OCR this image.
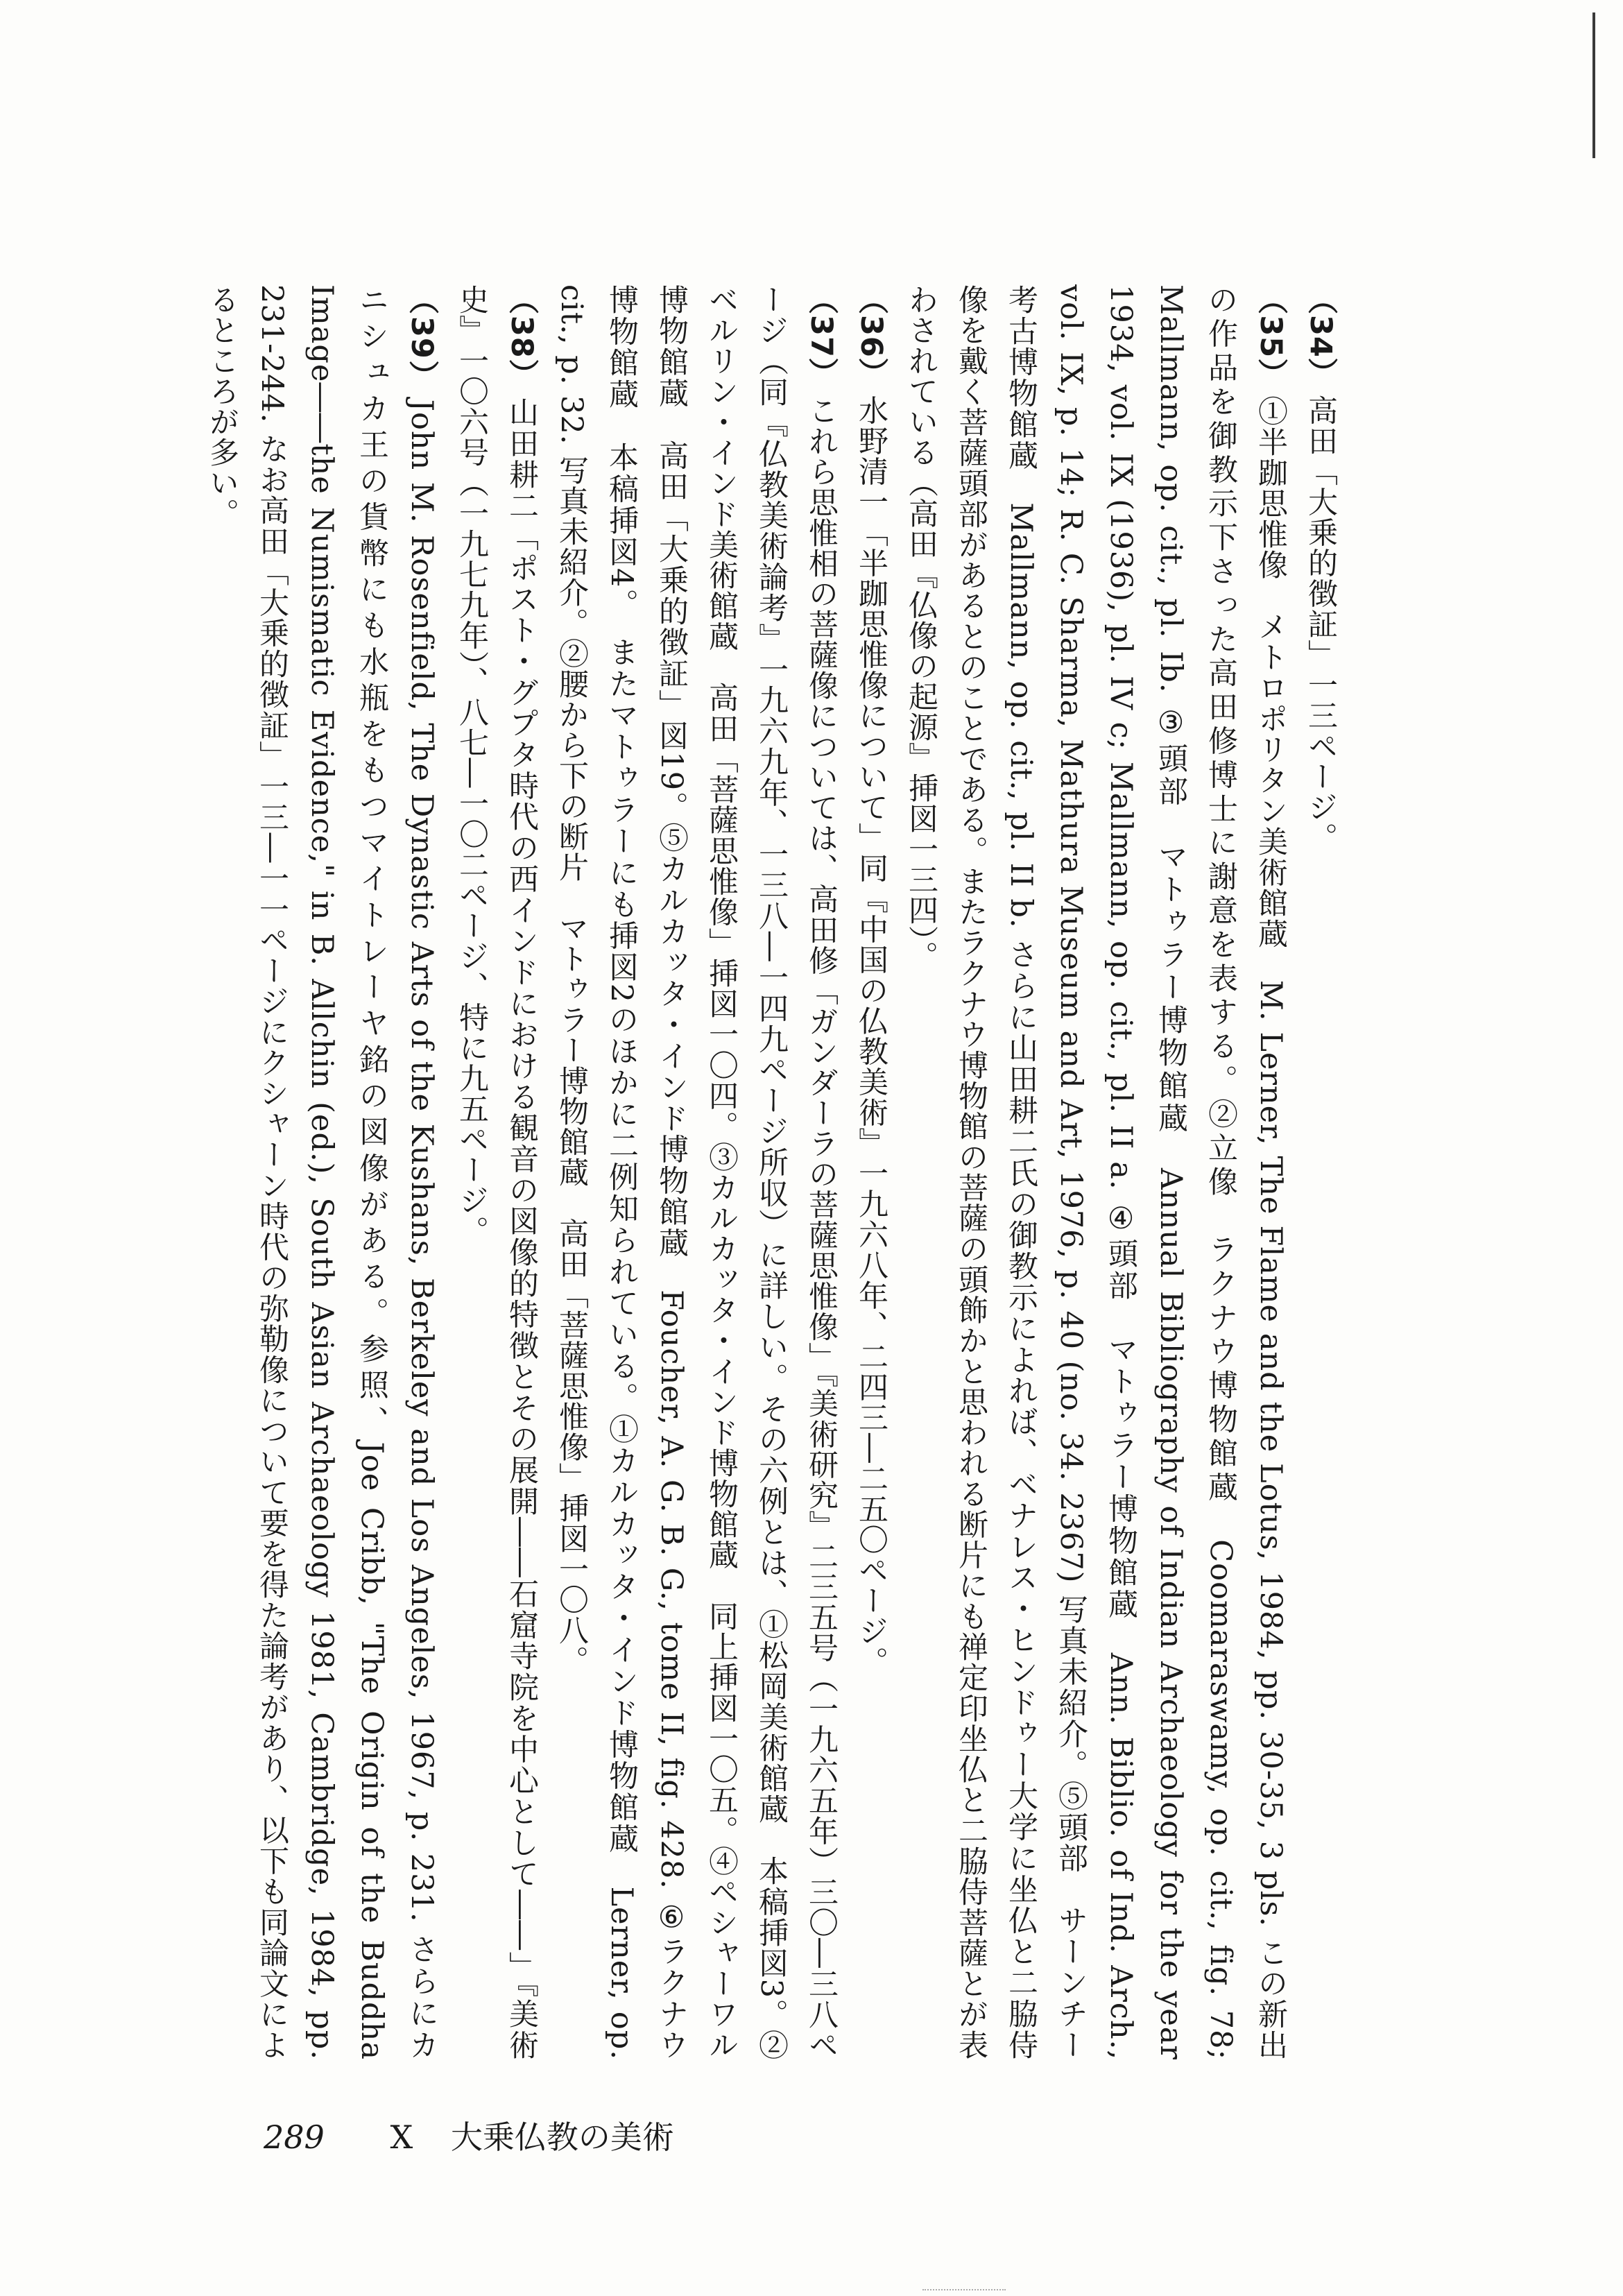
（34）高田「大乗的徴証」一三ページ。

（35）①半跏思惟像　メトロポリタン美術館蔵　M. Lerner, The Flame and the Lotus, 1984, pp. 30-35, 3 pls. この新出の作品を御教示下さった高田修博士に謝意を表する。②立像　ラクナウ博物館蔵　Coomaraswamy, op. cit., fig. 78; Mallmann, op. cit., pl. Ib. ③頭部　マトゥラー博物館蔵　Annual Bibliography of Indian Archaeology for the year 1934, vol. IX (1936), pl. IV c; Mallmann, op. cit., pl. II a. ④頭部　マトゥラー博物館蔵　Ann. Biblio. of Ind. Arch., vol. IX, p. 14; R. C. Sharma, Mathura Museum and Art, 1976, p. 40 (no. 34. 2367) 写真未紹介。⑤頭部　サーンチー考古博物館蔵　Mallmann, op. cit., pl. II b. さらに山田耕二氏の御教示によれば、ベナレス・ヒンドゥー大学に坐仏と二脇侍像を戴く菩薩頭部があるとのことである。またラクナウ博物館の菩薩の頭飾かと思われる断片にも禅定印坐仏と二脇侍菩薩とが表わされている（高田『仏像の起源』挿図一三四）。

（36）水野清一「半跏思惟像について」同『中国の仏教美術』一九六八年、二四三―二五〇ページ。

（37）これら思惟相の菩薩像については、高田修「ガンダーラの菩薩思惟像」『美術研究』二三五号（一九六五年）三〇―三八ページ（同『仏教美術論考』一九六九年、一三八―一四九ページ所収）に詳しい。その六例とは、①松岡美術館蔵　本稿挿図3。②ベルリン・インド美術館蔵　高田「菩薩思惟像」挿図一〇四。③カルカッタ・インド博物館蔵　同上挿図一〇五。④ペシャーワル博物館蔵　高田「大乗的徴証」図19。⑤カルカッタ・インド博物館蔵　Foucher, A. G. B. G., tome II, fig. 428. ⑥ラクナウ博物館蔵　本稿挿図4。　またマトゥラーにも挿図2のほかに二例知られている。①カルカッタ・インド博物館蔵　Lerner, op. cit., p. 32. 写真未紹介。②腰から下の断片　マトゥラー博物館蔵　高田「菩薩思惟像」挿図一〇八。

（38）山田耕二「ポスト・グプタ時代の西インドにおける観音の図像的特徴とその展開――石窟寺院を中心として――」『美術史』一〇六号（一九七九年）、八七―一〇二ページ、特に九五ページ。

（39）John M. Rosenfield, The Dynastic Arts of the Kushans, Berkeley and Los Angeles, 1967, p. 231. さらにカニシュカ王の貨幣にも水瓶をもつマイトレーヤ銘の図像がある。参照、Joe Cribb, "The Origin of the Buddha Image――the Numismatic Evidence," in B. Allchin (ed.), South Asian Archaeology 1981, Cambridge, 1984, pp. 231-244. なお高田「大乗的徴証」一三―一一ページにクシャーン時代の弥勒像について要を得た論考があり、以下も同論文によるところが多い。

289 X 大乗仏教の美術
